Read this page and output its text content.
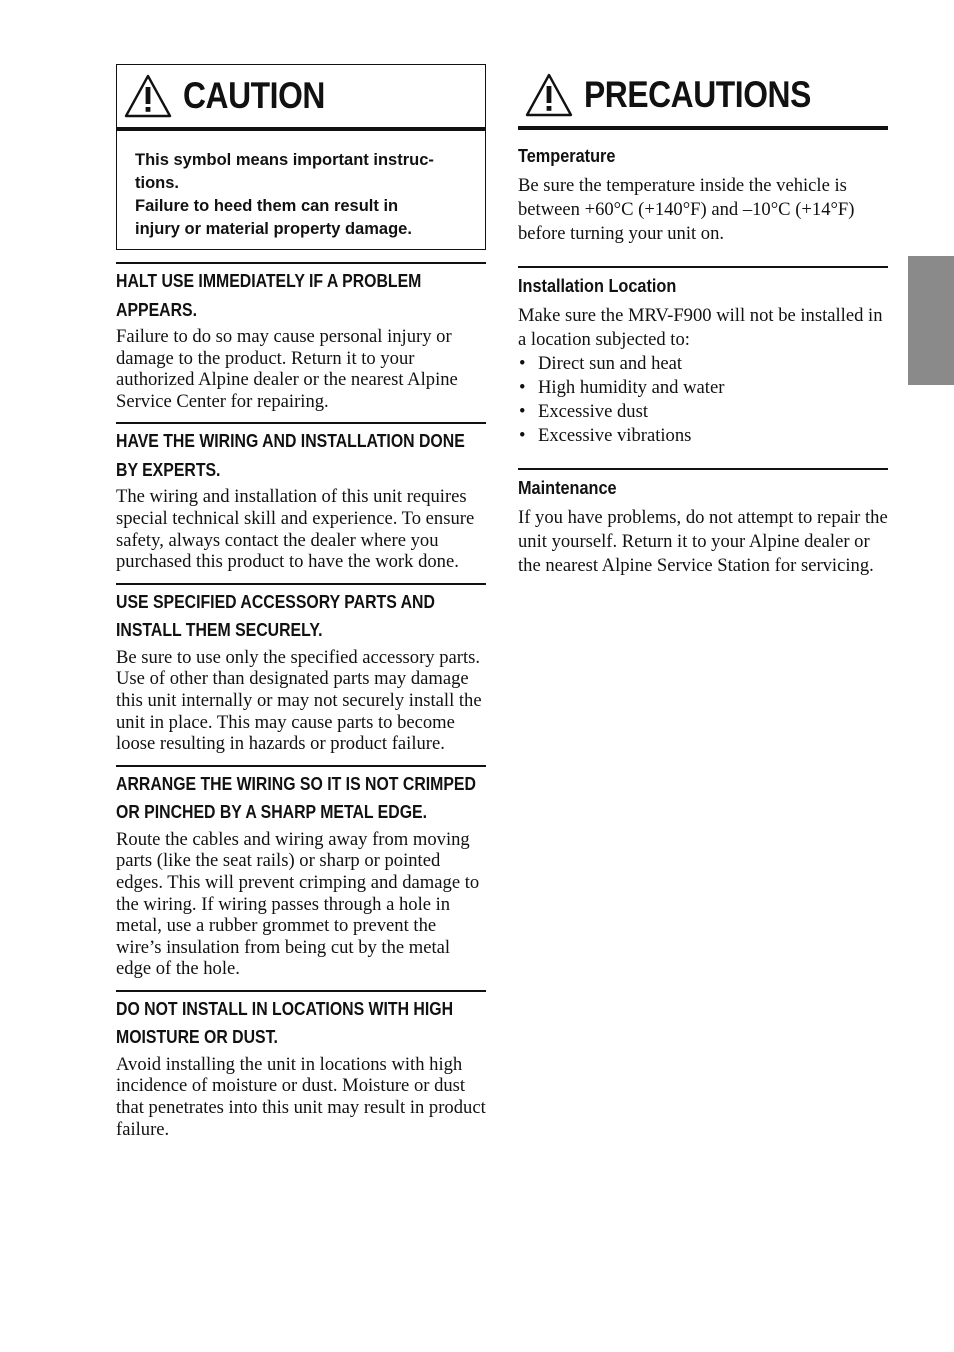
CAUTION

This symbol means important instruc-

tions.

Failure to heed them can result in

injury or material property damage.

HALT USE IMMEDIATELY IF A PROBLEM APPEARS.
Failure to do so may cause personal injury or damage to the product. Return it to your authorized Alpine dealer or the nearest Alpine Service Center for repairing.
HAVE THE WIRING AND INSTALLATION DONE BY EXPERTS.
The wiring and installation of this unit requires special technical skill and experience. To ensure safety, always contact the dealer where you purchased this product to have the work done.
USE SPECIFIED ACCESSORY PARTS AND INSTALL THEM SECURELY.
Be sure to use only the specified accessory parts. Use of other than designated parts may damage this unit internally or may not securely install the unit in place. This may cause parts to become loose resulting in hazards or product failure.
ARRANGE THE WIRING SO IT IS NOT CRIMPED OR PINCHED BY A SHARP METAL EDGE.
Route the cables and wiring away from moving parts (like the seat rails) or sharp or pointed edges. This will prevent crimping and damage to the wiring. If wiring passes through a hole in metal, use a rubber grommet to prevent the wire’s insulation from being cut by the metal edge of the hole.
DO NOT INSTALL IN LOCATIONS WITH HIGH MOISTURE OR DUST.
Avoid installing the unit in locations with high incidence of moisture or dust. Moisture or dust that penetrates into this unit may result in product failure.
PRECAUTIONS
Temperature
Be sure the temperature inside the vehicle is between +60°C (+140°F) and –10°C (+14°F) before turning your unit on.
Installation Location
Make sure the MRV-F900 will not be installed in a location subjected to:
• Direct sun and heat
• High humidity and water
• Excessive dust
• Excessive vibrations
Maintenance
If you have problems, do not attempt to repair the unit yourself. Return it to your Alpine dealer or the nearest Alpine Service Station for servicing.
